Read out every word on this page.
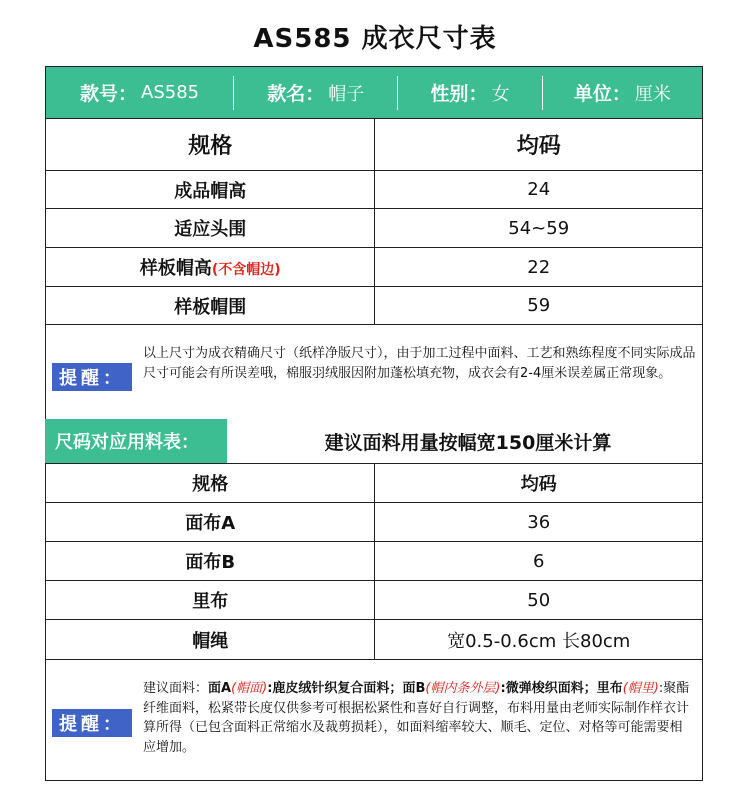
AS585 成衣尺寸表
款号： AS585	款名： 帽子	性别： 女	单位： 厘米
规格	均码
成品帽高	24
适应头围	54~59
样板帽高(不含帽边)	22
样板帽围	59
提醒：
以上尺寸为成衣精确尺寸（纸样净版尺寸），由于加工过程中面料、工艺和熟练程度不同实际成品尺寸可能会有所误差哦，棉服羽绒服因附加蓬松填充物，成衣会有2-4厘米误差属正常现象。
尺码对应用料表：	建议面料用量按幅宽150厘米计算
规格	均码
面布A	36
面布B	6
里布	50
帽绳	宽0.5-0.6cm 长80cm
提醒：
建议面料：面A(帽面):鹿皮绒针织复合面料；面B(帽内条外层):微弹梭织面料；里布(帽里):聚酯纤维面料，松紧带长度仅供参考可根据松紧性和喜好自行调整，布料用量由老师实际制作样衣计算所得（已包含面料正常缩水及裁剪损耗），如面料缩率较大、顺毛、定位、对格等可能需要相应增加。
